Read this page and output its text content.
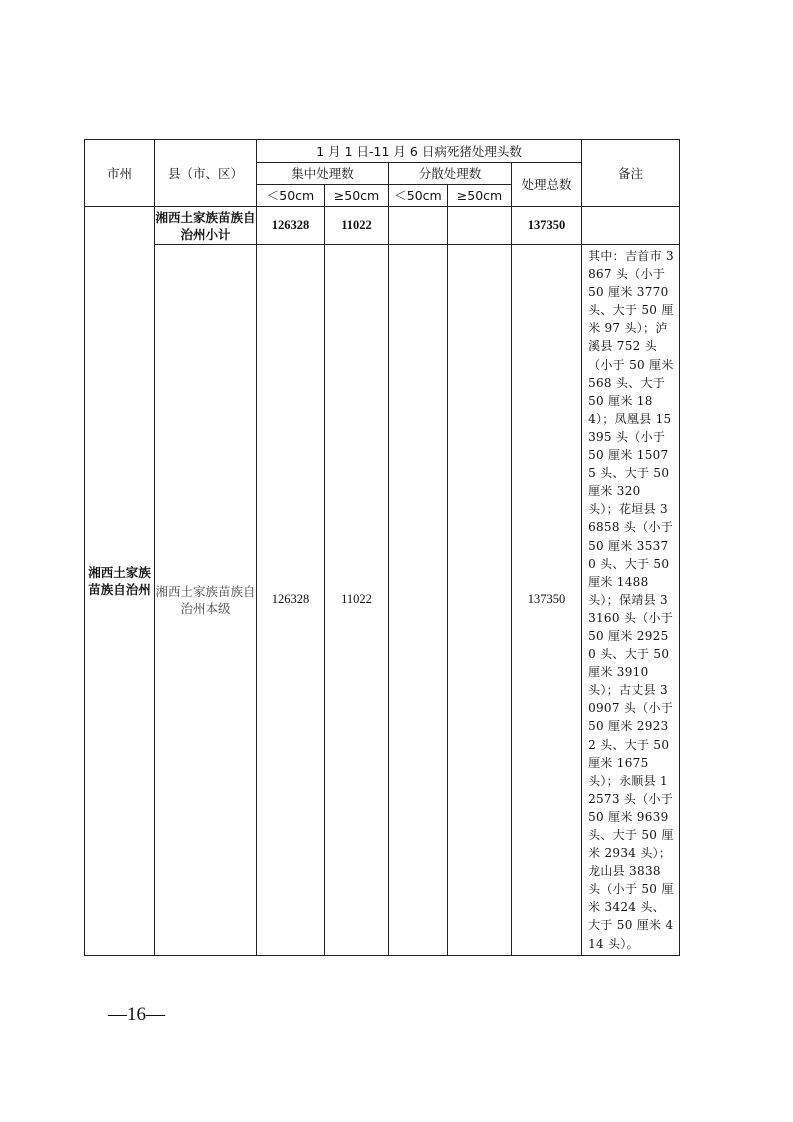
市州	县（市、区）	1 月 1 日-11 月 6 日病死猪处理头数					备注
		集中处理数		分散处理数		处理总数	
		＜50cm	≥50cm	＜50cm	≥50cm		
湘西土家族苗族自治州	湘西土家族苗族自治州小计	126328	11022			137350	
	湘西土家族苗族自治州本级	126328	11022			137350	其中：吉首市 3867 头（小于 50 厘米 3770 头、大于 50 厘米 97 头）；泸溪县 752 头（小于 50 厘米 568 头、大于 50 厘米 184）；凤凰县 15395 头（小于 50 厘米 15075 头、大于 50 厘米 320 头）；花垣县 36858 头（小于 50 厘米 35370 头、大于 50 厘米 1488 头）；保靖县 33160 头（小于 50 厘米 29250 头、大于 50 厘米 3910 头）；古丈县 30907 头（小于 50 厘米 29232 头、大于 50 厘米 1675 头）；永顺县 12573 头（小于 50 厘米 9639 头、大于 50 厘米 2934 头）；龙山县 3838 头（小于 50 厘米 3424 头、大于 50 厘米 414 头）。
—16—
